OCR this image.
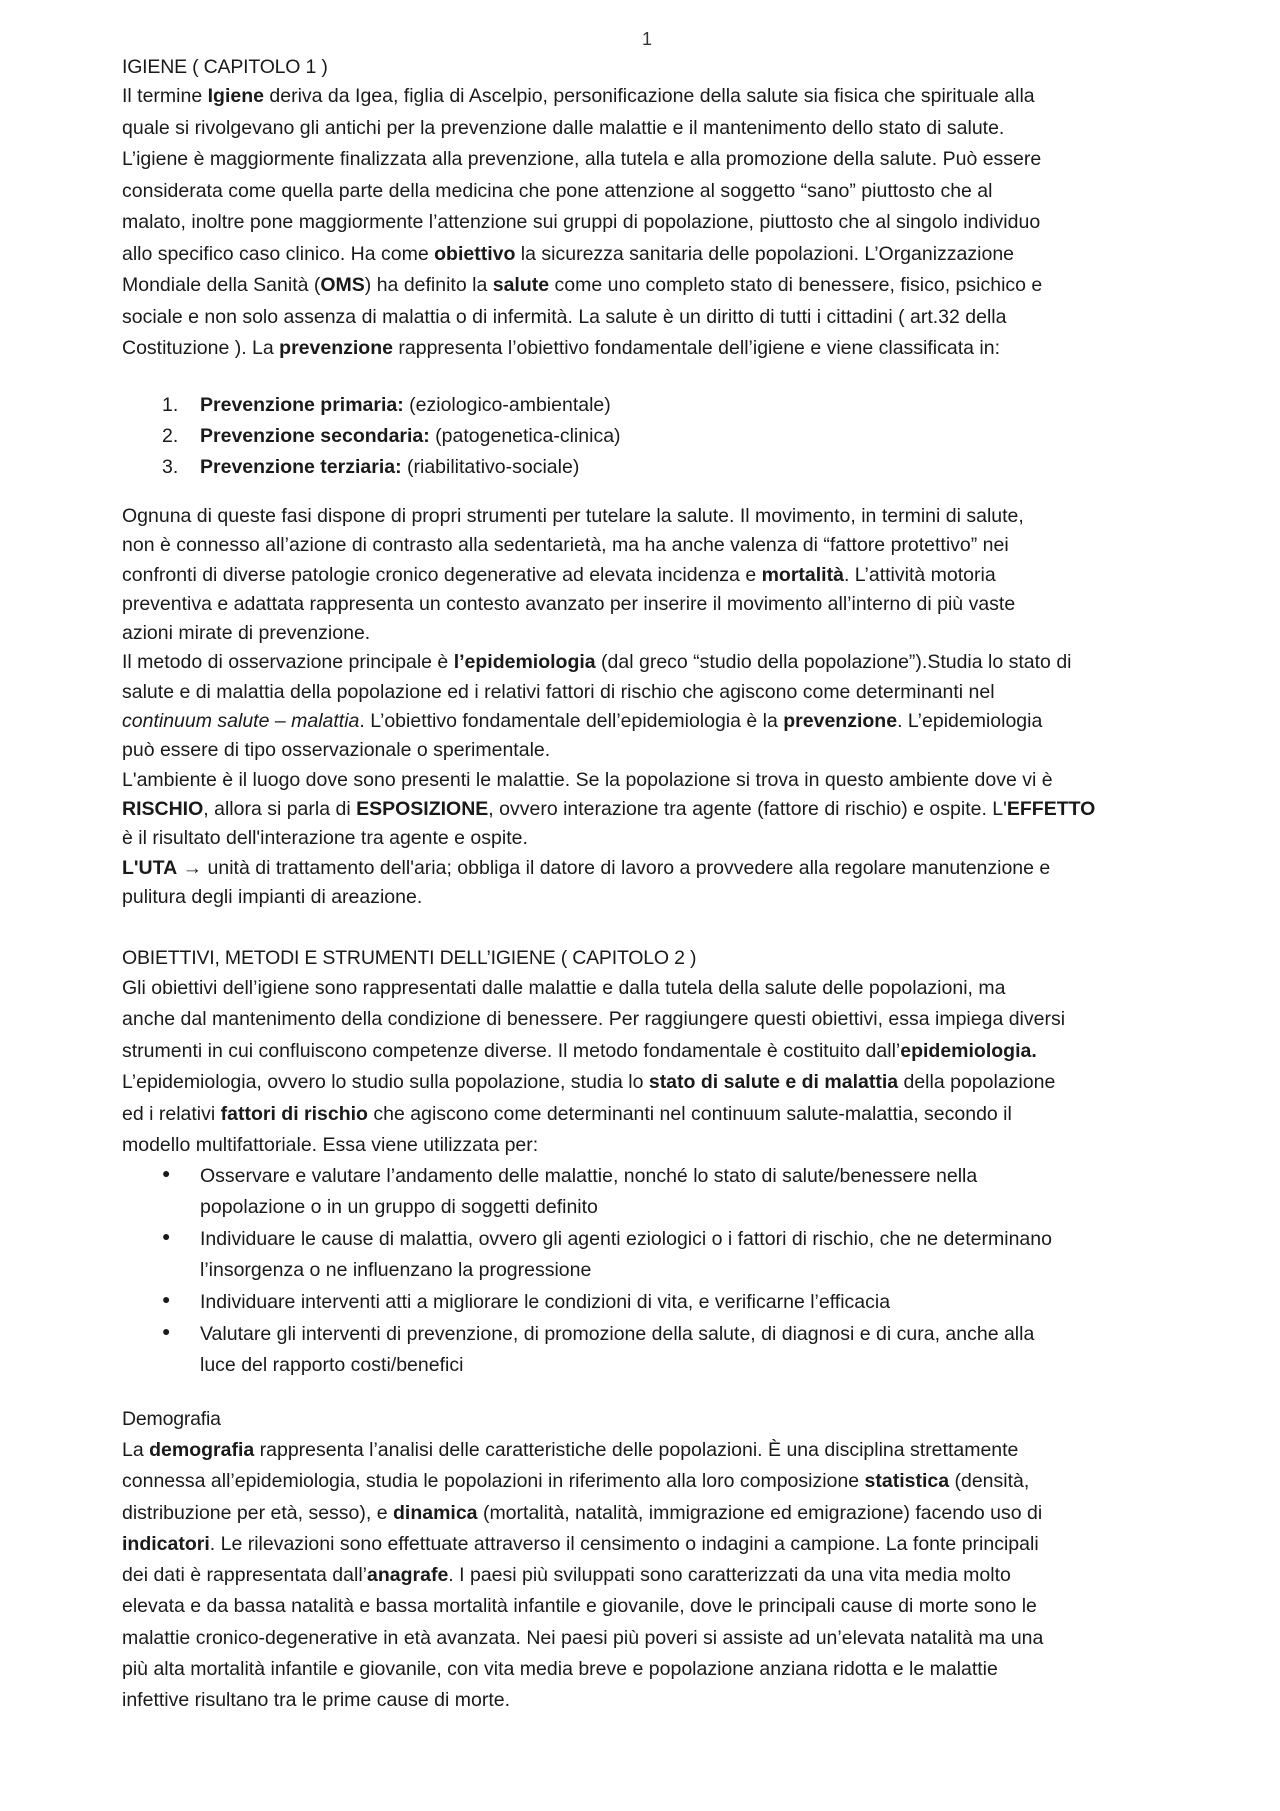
1
IGIENE ( CAPITOLO 1 )
Il termine Igiene deriva da Igea, figlia di Ascelpio, personificazione della salute sia fisica che spirituale alla
quale si rivolgevano gli antichi per la prevenzione dalle malattie e il mantenimento dello stato di salute.
L’igiene è maggiormente finalizzata alla prevenzione, alla tutela e alla promozione della salute. Può essere
considerata come quella parte della medicina che pone attenzione al soggetto “sano” piuttosto che al
malato, inoltre pone maggiormente l’attenzione sui gruppi di popolazione, piuttosto che al singolo individuo
allo specifico caso clinico. Ha come obiettivo la sicurezza sanitaria delle popolazioni. L’Organizzazione
Mondiale della Sanità (OMS) ha definito la salute come uno completo stato di benessere, fisico, psichico e
sociale e non solo assenza di malattia o di infermità. La salute è un diritto di tutti i cittadini ( art.32 della
Costituzione ). La prevenzione rappresenta l’obiettivo fondamentale dell’igiene e viene classificata in:
1.	Prevenzione primaria: (eziologico-ambientale)
2.	Prevenzione secondaria: (patogenetica-clinica)
3.	Prevenzione terziaria: (riabilitativo-sociale)
Ognuna di queste fasi dispone di propri strumenti per tutelare la salute. Il movimento, in termini di salute,
non è connesso all’azione di contrasto alla sedentarietà, ma ha anche valenza di “fattore protettivo” nei
confronti di diverse patologie cronico degenerative ad elevata incidenza e mortalità. L’attività motoria
preventiva e adattata rappresenta un contesto avanzato per inserire il movimento all’interno di più vaste
azioni mirate di prevenzione.
Il metodo di osservazione principale è l’epidemiologia (dal greco “studio della popolazione”).Studia lo stato di
salute e di malattia della popolazione ed i relativi fattori di rischio che agiscono come determinanti nel
continuum salute – malattia. L’obiettivo fondamentale dell’epidemiologia è la prevenzione. L’epidemiologia
può essere di tipo osservazionale o sperimentale.
L'ambiente è il luogo dove sono presenti le malattie. Se la popolazione si trova in questo ambiente dove vi è
RISCHIO, allora si parla di ESPOSIZIONE, ovvero interazione tra agente (fattore di rischio) e ospite. L'EFFETTO
è il risultato dell'interazione tra agente e ospite.
L'UTA → unità di trattamento dell'aria; obbliga il datore di lavoro a provvedere alla regolare manutenzione e
pulitura degli impianti di areazione.
OBIETTIVI, METODI E STRUMENTI DELL’IGIENE ( CAPITOLO 2 )
Gli obiettivi dell’igiene sono rappresentati dalle malattie e dalla tutela della salute delle popolazioni, ma
anche dal mantenimento della condizione di benessere. Per raggiungere questi obiettivi, essa impiega diversi
strumenti in cui confluiscono competenze diverse. Il metodo fondamentale è costituito dall’epidemiologia.
L’epidemiologia, ovvero lo studio sulla popolazione, studia lo stato di salute e di malattia della popolazione
ed i relativi fattori di rischio che agiscono come determinanti nel continuum salute-malattia, secondo il
modello multifattoriale. Essa viene utilizzata per:
●	Osservare e valutare l’andamento delle malattie, nonché lo stato di salute/benessere nella
popolazione o in un gruppo di soggetti definito
●	Individuare le cause di malattia, ovvero gli agenti eziologici o i fattori di rischio, che ne determinano
l’insorgenza o ne influenzano la progressione
●	Individuare interventi atti a migliorare le condizioni di vita, e verificarne l’efficacia
●	Valutare gli interventi di prevenzione, di promozione della salute, di diagnosi e di cura, anche alla
luce del rapporto costi/benefici
Demografia
La demografia rappresenta l’analisi delle caratteristiche delle popolazioni. È una disciplina strettamente
connessa all’epidemiologia, studia le popolazioni in riferimento alla loro composizione statistica (densità,
distribuzione per età, sesso), e dinamica (mortalità, natalità, immigrazione ed emigrazione) facendo uso di
indicatori. Le rilevazioni sono effettuate attraverso il censimento o indagini a campione. La fonte principali
dei dati è rappresentata dall’anagrafe. I paesi più sviluppati sono caratterizzati da una vita media molto
elevata e da bassa natalità e bassa mortalità infantile e giovanile, dove le principali cause di morte sono le
malattie cronico-degenerative in età avanzata. Nei paesi più poveri si assiste ad un’elevata natalità ma una
più alta mortalità infantile e giovanile, con vita media breve e popolazione anziana ridotta e le malattie
infettive risultano tra le prime cause di morte.
